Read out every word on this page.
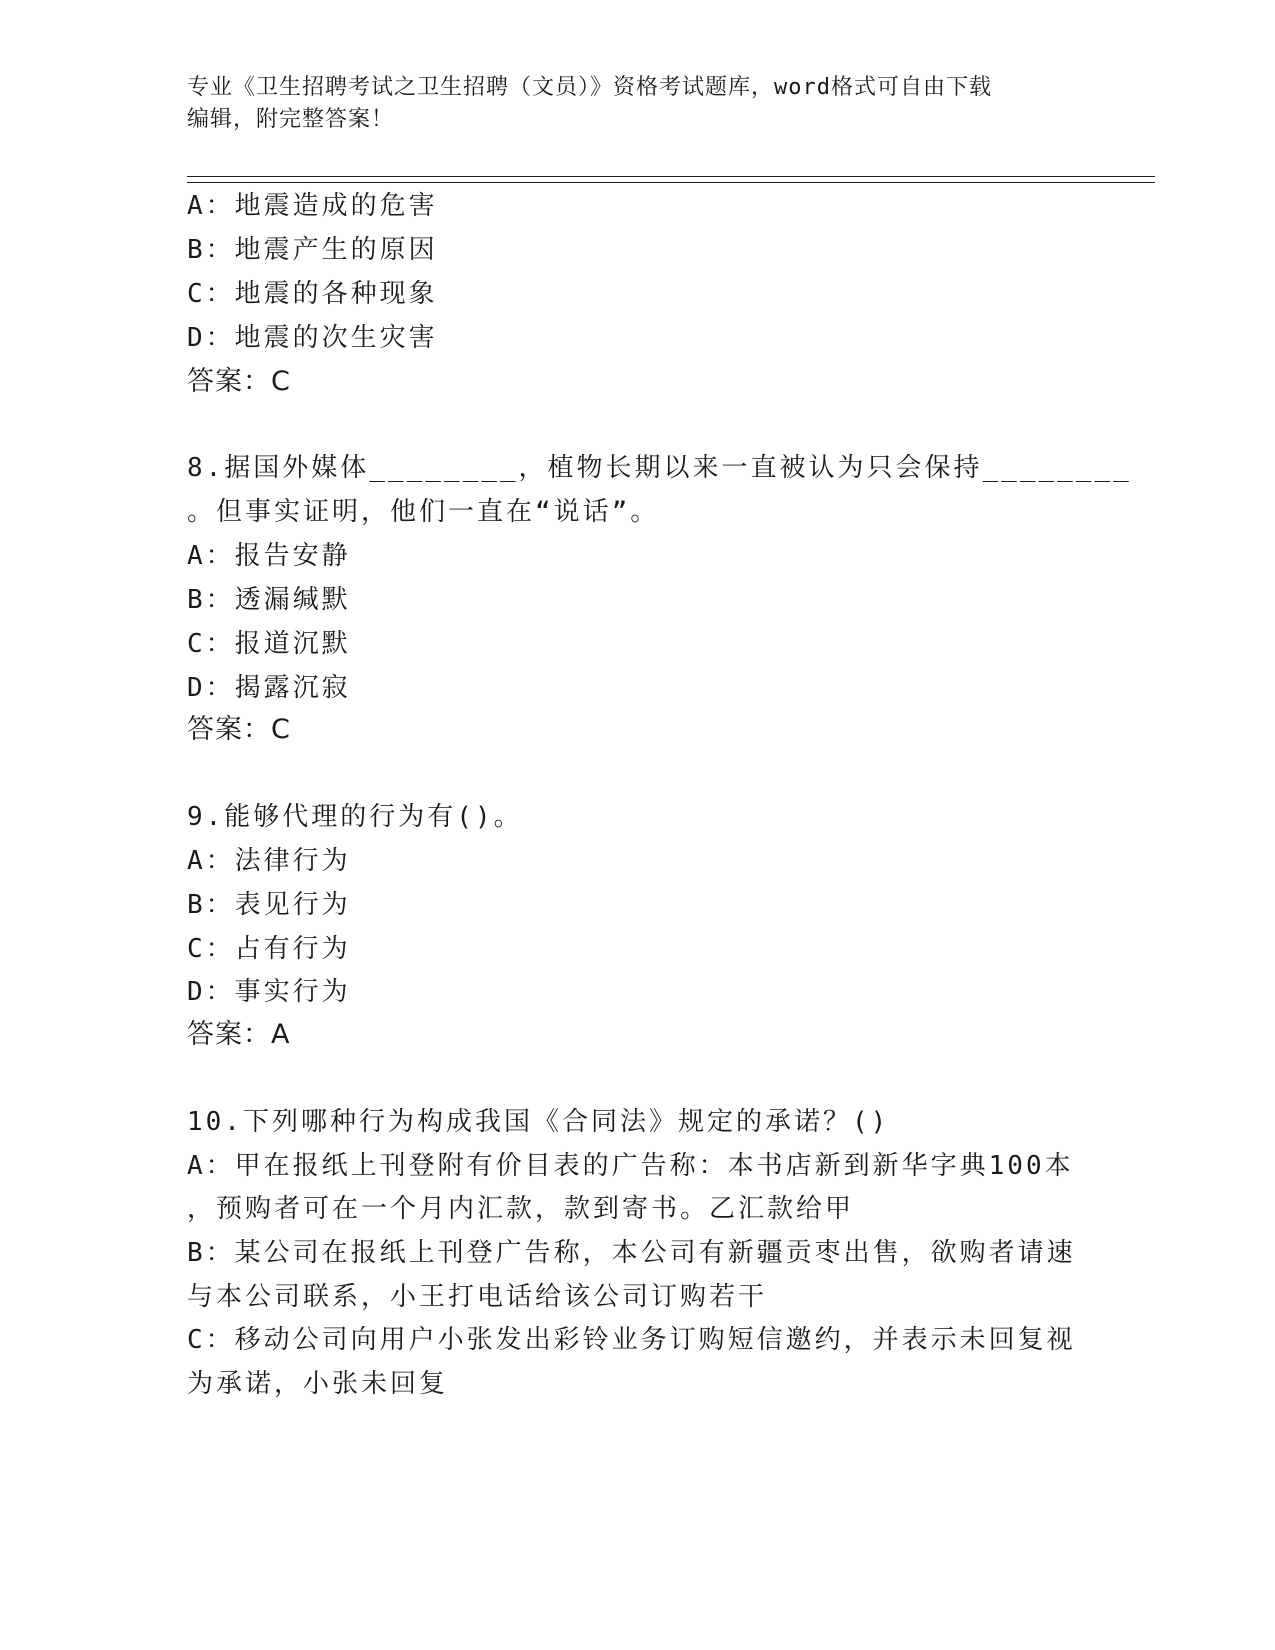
专业《卫生招聘考试之卫生招聘（文员）》资格考试题库，word格式可自由下载
编辑，附完整答案！
A：地震造成的危害
B：地震产生的原因
C：地震的各种现象
D：地震的次生灾害
答案：C
8.据国外媒体________，植物长期以来一直被认为只会保持________
。但事实证明，他们一直在“说话”。
A：报告安静
B：透漏缄默
C：报道沉默
D：揭露沉寂
答案：C
9.能够代理的行为有()。
A：法律行为
B：表见行为
C：占有行为
D：事实行为
答案：A
10.下列哪种行为构成我国《合同法》规定的承诺？()
A：甲在报纸上刊登附有价目表的广告称：本书店新到新华字典100本
，预购者可在一个月内汇款，款到寄书。乙汇款给甲
B：某公司在报纸上刊登广告称，本公司有新疆贡枣出售，欲购者请速
与本公司联系，小王打电话给该公司订购若干
C：移动公司向用户小张发出彩铃业务订购短信邀约，并表示未回复视
为承诺，小张未回复
